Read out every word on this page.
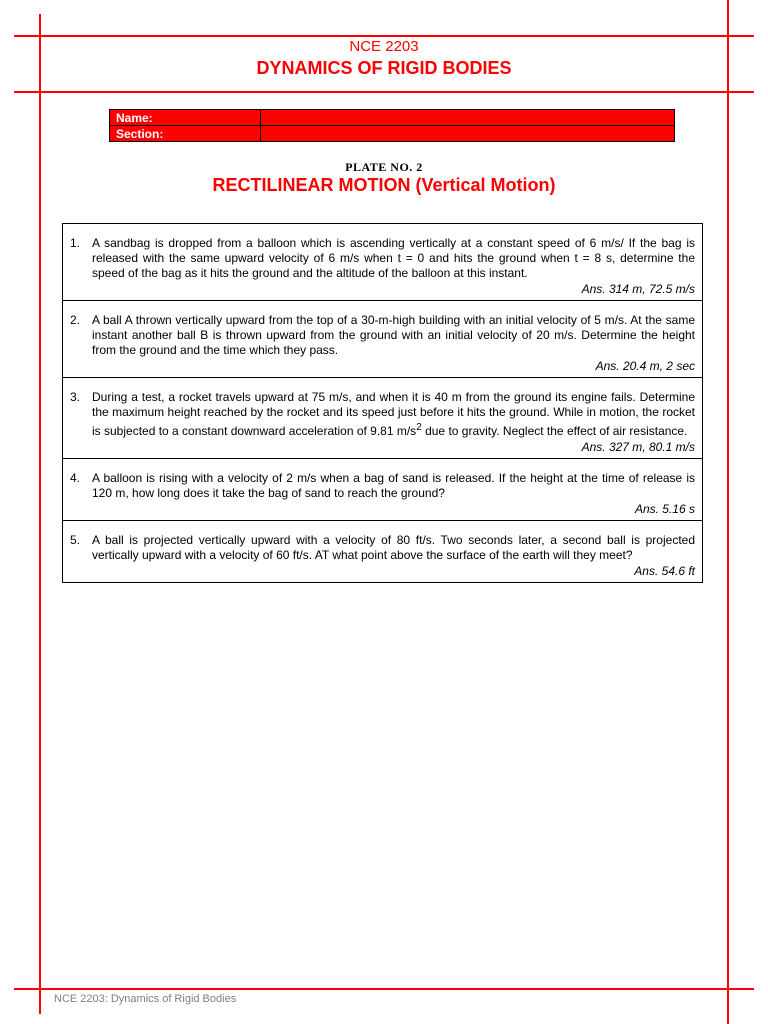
NCE 2203
DYNAMICS OF RIGID BODIES
Name:	
Section:	
PLATE NO. 2
RECTILINEAR MOTION (Vertical Motion)
1. A sandbag is dropped from a balloon which is ascending vertically at a constant speed of 6 m/s/ If the bag is released with the same upward velocity of 6 m/s when t = 0 and hits the ground when t = 8 s, determine the speed of the bag as it hits the ground and the altitude of the balloon at this instant.
Ans. 314 m, 72.5 m/s
2. A ball A thrown vertically upward from the top of a 30-m-high building with an initial velocity of 5 m/s. At the same instant another ball B is thrown upward from the ground with an initial velocity of 20 m/s. Determine the height from the ground and the time which they pass.
Ans. 20.4 m, 2 sec
3. During a test, a rocket travels upward at 75 m/s, and when it is 40 m from the ground its engine fails. Determine the maximum height reached by the rocket and its speed just before it hits the ground. While in motion, the rocket is subjected to a constant downward acceleration of 9.81 $m/s^2$ due to gravity. Neglect the effect of air resistance.
Ans. 327 m, 80.1 m/s
4. A balloon is rising with a velocity of 2 m/s when a bag of sand is released. If the height at the time of release is 120 m, how long does it take the bag of sand to reach the ground?
Ans. 5.16 s
5. A ball is projected vertically upward with a velocity of 80 ft/s. Two seconds later, a second ball is projected vertically upward with a velocity of 60 ft/s. AT what point above the surface of the earth will they meet?
Ans. 54.6 ft
NCE 2203: Dynamics of Rigid Bodies
